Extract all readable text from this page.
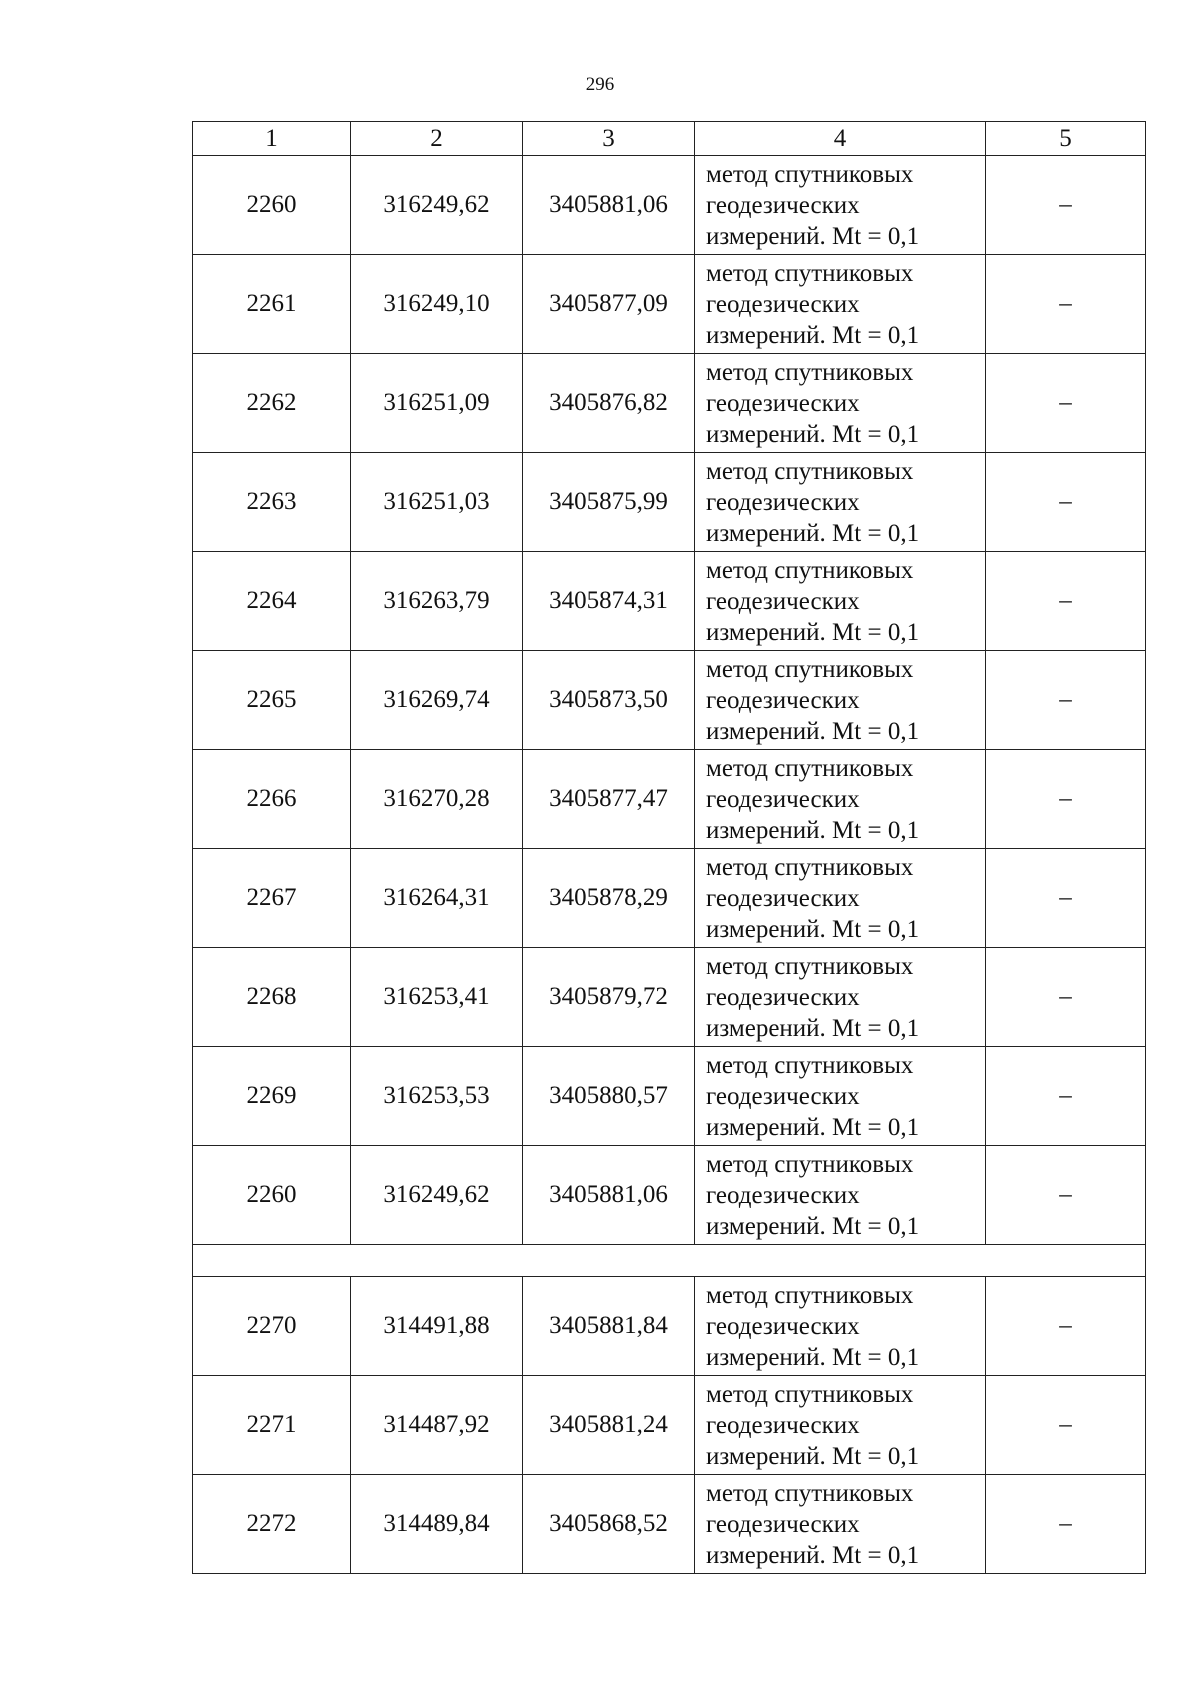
296
1	2	3	4	5
2260	316249,62	3405881,06	метод спутниковых
геодезических
измерений. Mt = 0,1	–
2261	316249,10	3405877,09	метод спутниковых
геодезических
измерений. Mt = 0,1	–
2262	316251,09	3405876,82	метод спутниковых
геодезических
измерений. Mt = 0,1	–
2263	316251,03	3405875,99	метод спутниковых
геодезических
измерений. Mt = 0,1	–
2264	316263,79	3405874,31	метод спутниковых
геодезических
измерений. Mt = 0,1	–
2265	316269,74	3405873,50	метод спутниковых
геодезических
измерений. Mt = 0,1	–
2266	316270,28	3405877,47	метод спутниковых
геодезических
измерений. Mt = 0,1	–
2267	316264,31	3405878,29	метод спутниковых
геодезических
измерений. Mt = 0,1	–
2268	316253,41	3405879,72	метод спутниковых
геодезических
измерений. Mt = 0,1	–
2269	316253,53	3405880,57	метод спутниковых
геодезических
измерений. Mt = 0,1	–
2260	316249,62	3405881,06	метод спутниковых
геодезических
измерений. Mt = 0,1	–

2270	314491,88	3405881,84	метод спутниковых
геодезических
измерений. Mt = 0,1	–
2271	314487,92	3405881,24	метод спутниковых
геодезических
измерений. Mt = 0,1	–
2272	314489,84	3405868,52	метод спутниковых
геодезических
измерений. Mt = 0,1	–
